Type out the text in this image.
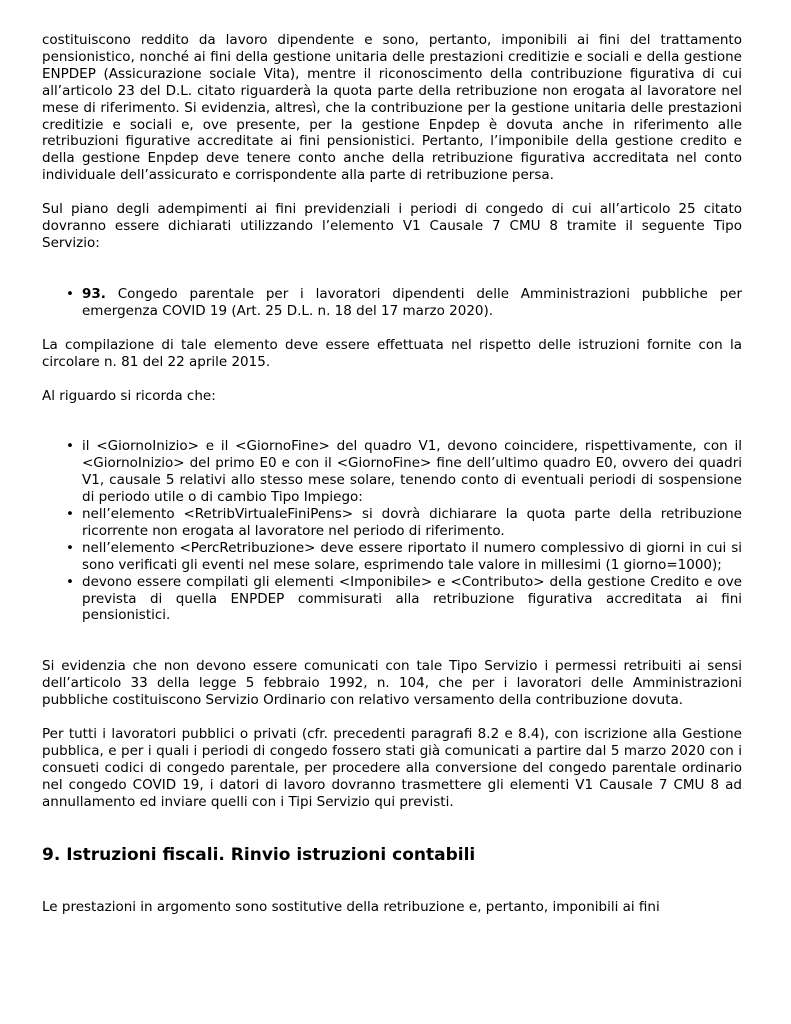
costituiscono reddito da lavoro dipendente e sono, pertanto, imponibili ai fini del trattamento pensionistico, nonché ai fini della gestione unitaria delle prestazioni creditizie e sociali e della gestione ENPDEP (Assicurazione sociale Vita), mentre il riconoscimento della contribuzione figurativa di cui all’articolo 23 del D.L. citato riguarderà la quota parte della retribuzione non erogata al lavoratore nel mese di riferimento. Si evidenzia, altresì, che la contribuzione per la gestione unitaria delle prestazioni creditizie e sociali e, ove presente, per la gestione Enpdep è dovuta anche in riferimento alle retribuzioni figurative accreditate ai fini pensionistici. Pertanto, l’imponibile della gestione credito e della gestione Enpdep deve tenere conto anche della retribuzione figurativa accreditata nel conto individuale dell’assicurato e corrispondente alla parte di retribuzione persa.

Sul piano degli adempimenti ai fini previdenziali i periodi di congedo di cui all’articolo 25 citato dovranno essere dichiarati utilizzando l’elemento V1 Causale 7 CMU 8 tramite il seguente Tipo Servizio:

• 93. Congedo parentale per i lavoratori dipendenti delle Amministrazioni pubbliche per emergenza COVID 19 (Art. 25 D.L. n. 18 del 17 marzo 2020).

La compilazione di tale elemento deve essere effettuata nel rispetto delle istruzioni fornite con la circolare n. 81 del 22 aprile 2015.

Al riguardo si ricorda che:

• il <GiornoInizio> e il <GiornoFine> del quadro V1, devono coincidere, rispettivamente, con il <GiornoInizio> del primo E0 e con il <GiornoFine> fine dell’ultimo quadro E0, ovvero dei quadri V1, causale 5 relativi allo stesso mese solare, tenendo conto di eventuali periodi di sospensione di periodo utile o di cambio Tipo Impiego:
• nell’elemento <RetribVirtualeFiniPens> si dovrà dichiarare la quota parte della retribuzione ricorrente non erogata al lavoratore nel periodo di riferimento.
• nell’elemento <PercRetribuzione> deve essere riportato il numero complessivo di giorni in cui si sono verificati gli eventi nel mese solare, esprimendo tale valore in millesimi (1 giorno=1000);
• devono essere compilati gli elementi <Imponibile> e <Contributo> della gestione Credito e ove prevista di quella ENPDEP commisurati alla retribuzione figurativa accreditata ai fini pensionistici.

Si evidenzia che non devono essere comunicati con tale Tipo Servizio i permessi retribuiti ai sensi dell’articolo 33 della legge 5 febbraio 1992, n. 104, che per i lavoratori delle Amministrazioni pubbliche costituiscono Servizio Ordinario con relativo versamento della contribuzione dovuta.

Per tutti i lavoratori pubblici o privati (cfr. precedenti paragrafi 8.2 e 8.4), con iscrizione alla Gestione pubblica, e per i quali i periodi di congedo fossero stati già comunicati a partire dal 5 marzo 2020 con i consueti codici di congedo parentale, per procedere alla conversione del congedo parentale ordinario nel congedo COVID 19, i datori di lavoro dovranno trasmettere gli elementi V1 Causale 7 CMU 8 ad annullamento ed inviare quelli con i Tipi Servizio qui previsti.

9. Istruzioni fiscali. Rinvio istruzioni contabili

Le prestazioni in argomento sono sostitutive della retribuzione e, pertanto, imponibili ai fini
